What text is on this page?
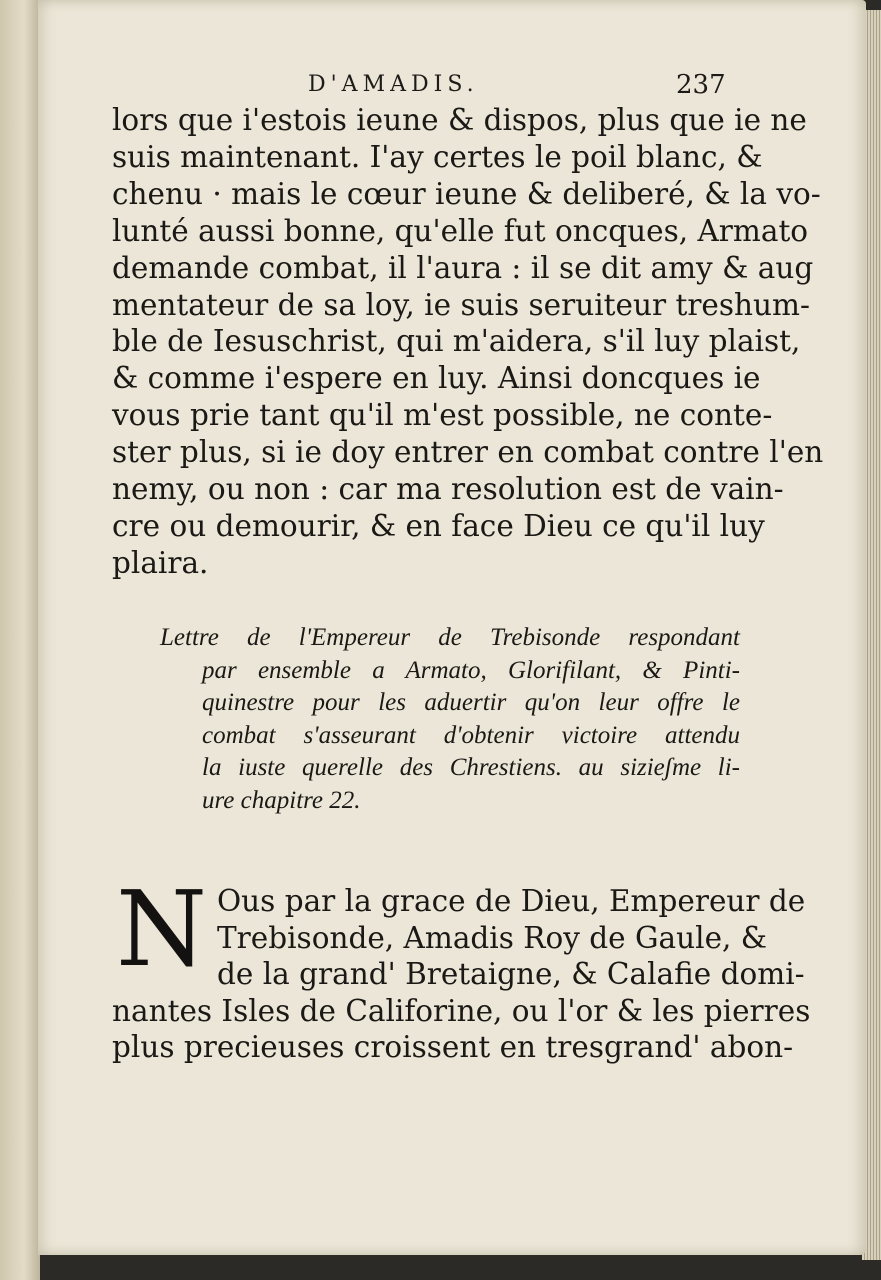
D'AMADIS.	237
lors que i'estois ieune & dispos, plus que ie ne
suis maintenant. I'ay certes le poil blanc, &
chenu · mais le cœur ieune & deliberé, & la vo-
lunté aussi bonne, qu'elle fut oncques, Armato
demande combat, il l'aura : il se dit amy & aug
mentateur de sa loy, ie suis seruiteur treshum-
ble de Iesuschrist, qui m'aidera, s'il luy plaist,
& comme i'espere en luy. Ainsi doncques ie
vous prie tant qu'il m'est possible, ne conte-
ster plus, si ie doy entrer en combat contre l'en
nemy, ou non : car ma resolution est de vain-
cre ou demourir, & en face Dieu ce qu'il luy
plaira.
Lettre de l'Empereur de Trebisonde respondant
par ensemble a Armato, Glorifilant, & Pinti-
quinestre pour les aduertir qu'on leur offre le
combat s'asseurant d'obtenir victoire attendu
la iuste querelle des Chrestiens. au sizieʃme li-
ure chapitre 22.
N Ous par la grace de Dieu, Empereur de
Trebisonde, Amadis Roy de Gaule, &
de la grand' Bretaigne, & Calafie domi-
nantes Isles de Califorine, ou l'or & les pierres
plus precieuses croissent en tresgrand' abon-
